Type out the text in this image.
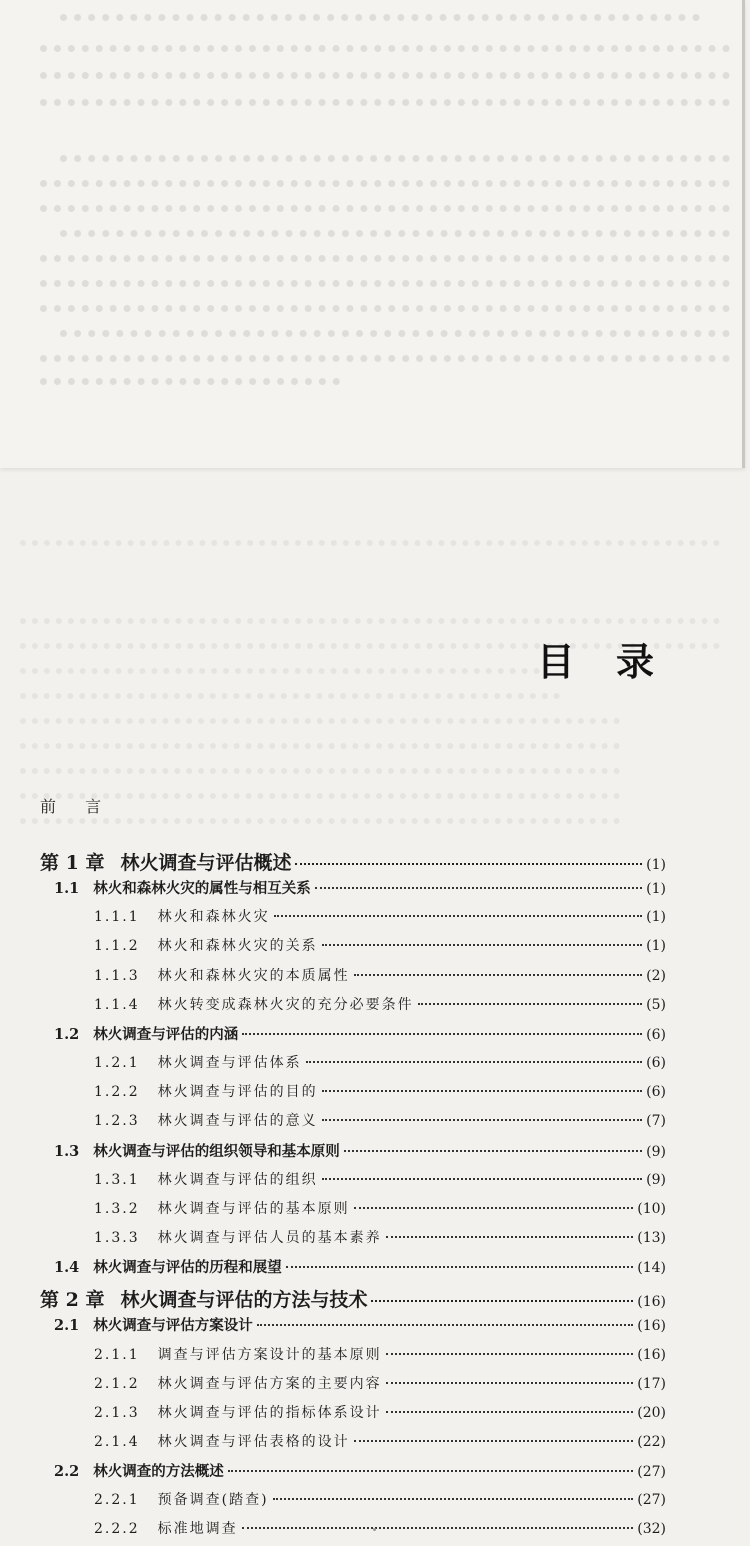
目 录
前 言
第 1 章 林火调查与评估概述	(1)
1.1 林火和森林火灾的属性与相互关系	(1)
1.1.1 林火和森林火灾	(1)
1.1.2 林火和森林火灾的关系	(1)
1.1.3 林火和森林火灾的本质属性	(2)
1.1.4 林火转变成森林火灾的充分必要条件	(5)
1.2 林火调查与评估的内涵	(6)
1.2.1 林火调查与评估体系	(6)
1.2.2 林火调查与评估的目的	(6)
1.2.3 林火调查与评估的意义	(7)
1.3 林火调查与评估的组织领导和基本原则	(9)
1.3.1 林火调查与评估的组织	(9)
1.3.2 林火调查与评估的基本原则	(10)
1.3.3 林火调查与评估人员的基本素养	(13)
1.4 林火调查与评估的历程和展望	(14)
第 2 章 林火调查与评估的方法与技术	(16)
2.1 林火调查与评估方案设计	(16)
2.1.1 调查与评估方案设计的基本原则	(16)
2.1.2 林火调查与评估方案的主要内容	(17)
2.1.3 林火调查与评估的指标体系设计	(20)
2.1.4 林火调查与评估表格的设计	(22)
2.2 林火调查的方法概述	(27)
2.2.1 预备调查(踏查)	(27)
2.2.2 标准地调查	(32)
